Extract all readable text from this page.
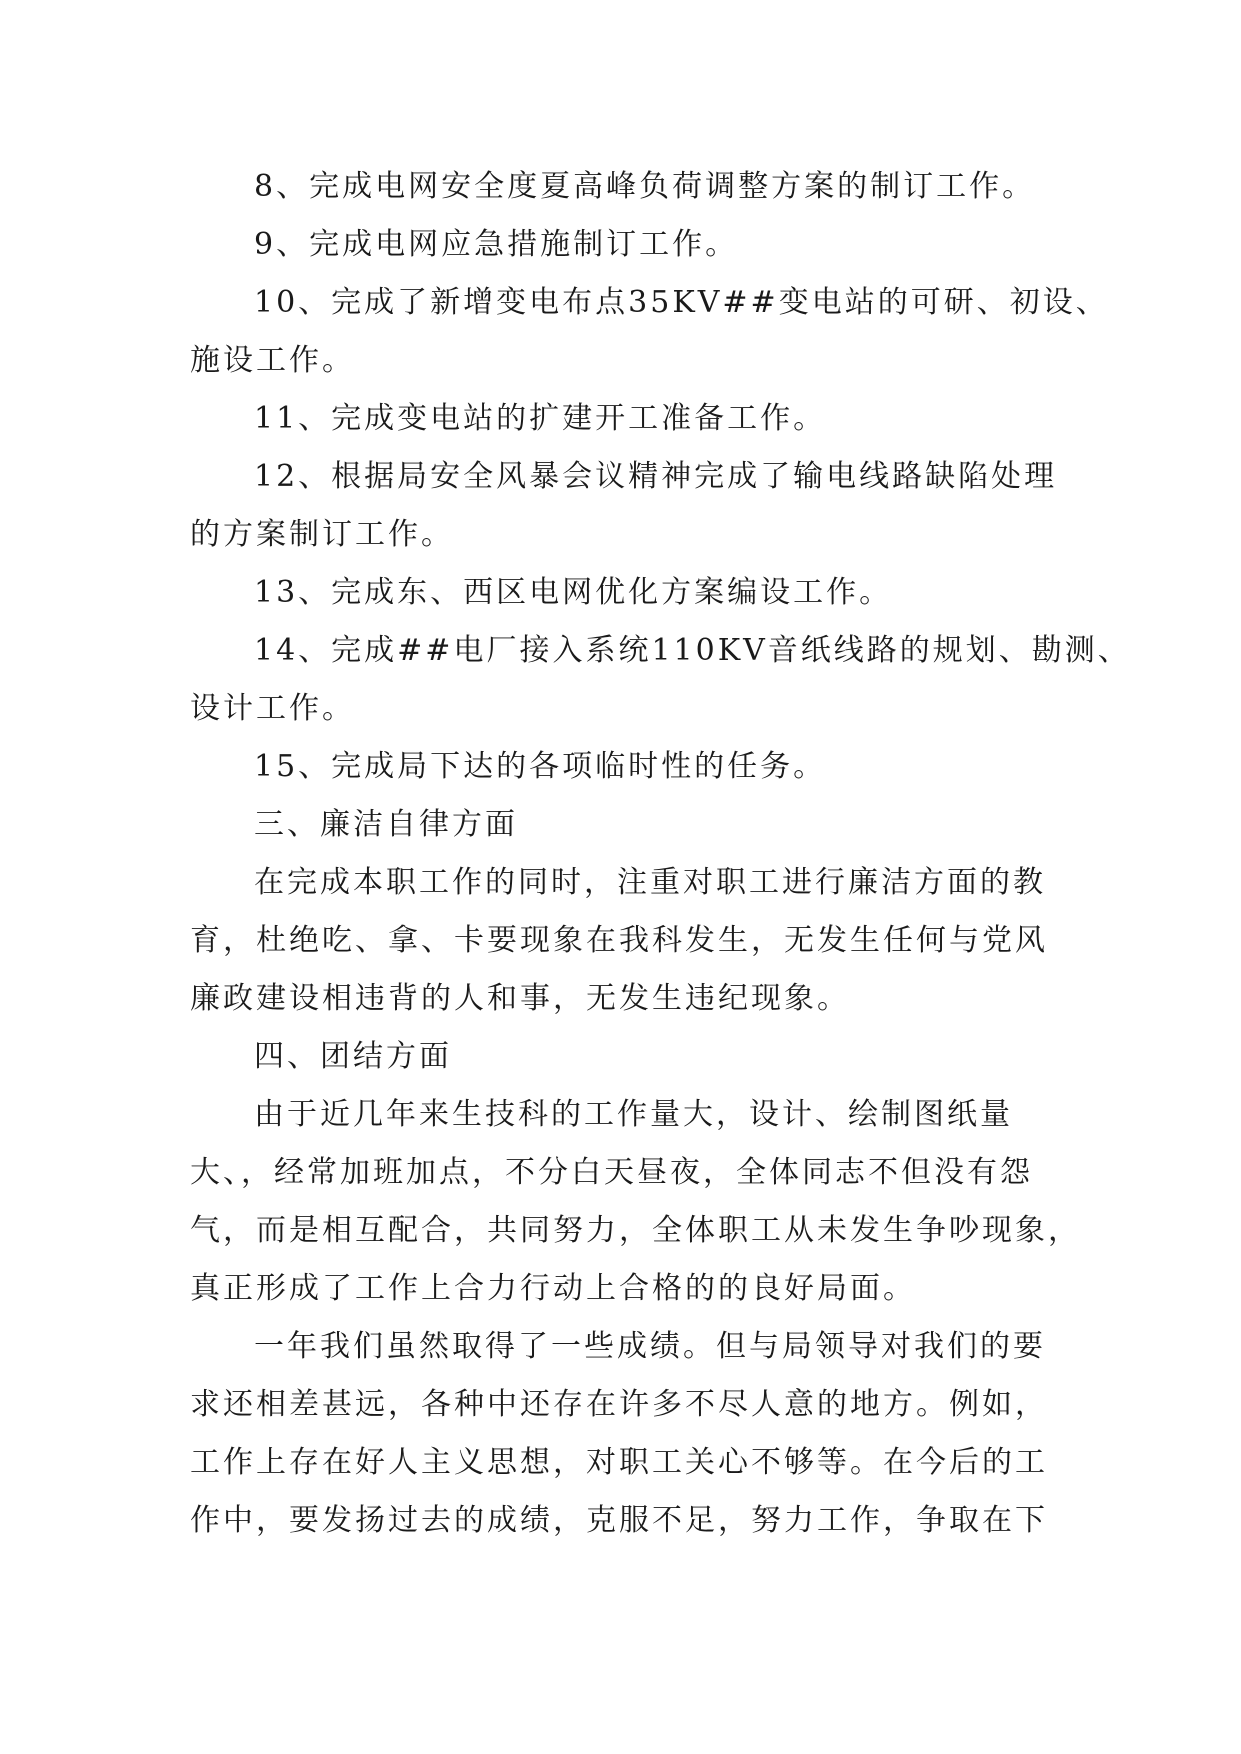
8、完成电网安全度夏高峰负荷调整方案的制订工作。
9、完成电网应急措施制订工作。
10、完成了新增变电布点35KV##变电站的可研、初设、
施设工作。
11、完成变电站的扩建开工准备工作。
12、根据局安全风暴会议精神完成了输电线路缺陷处理
的方案制订工作。
13、完成东、西区电网优化方案编设工作。
14、完成##电厂接入系统110KV音纸线路的规划、勘测、
设计工作。
15、完成局下达的各项临时性的任务。
三、廉洁自律方面
在完成本职工作的同时，注重对职工进行廉洁方面的教
育，杜绝吃、拿、卡要现象在我科发生，无发生任何与党风
廉政建设相违背的人和事，无发生违纪现象。
四、团结方面
由于近几年来生技科的工作量大，设计、绘制图纸量
大、，经常加班加点，不分白天昼夜，全体同志不但没有怨
气，而是相互配合，共同努力，全体职工从未发生争吵现象，
真正形成了工作上合力行动上合格的的良好局面。
一年我们虽然取得了一些成绩。但与局领导对我们的要
求还相差甚远，各种中还存在许多不尽人意的地方。例如，
工作上存在好人主义思想，对职工关心不够等。在今后的工
作中，要发扬过去的成绩，克服不足，努力工作，争取在下
